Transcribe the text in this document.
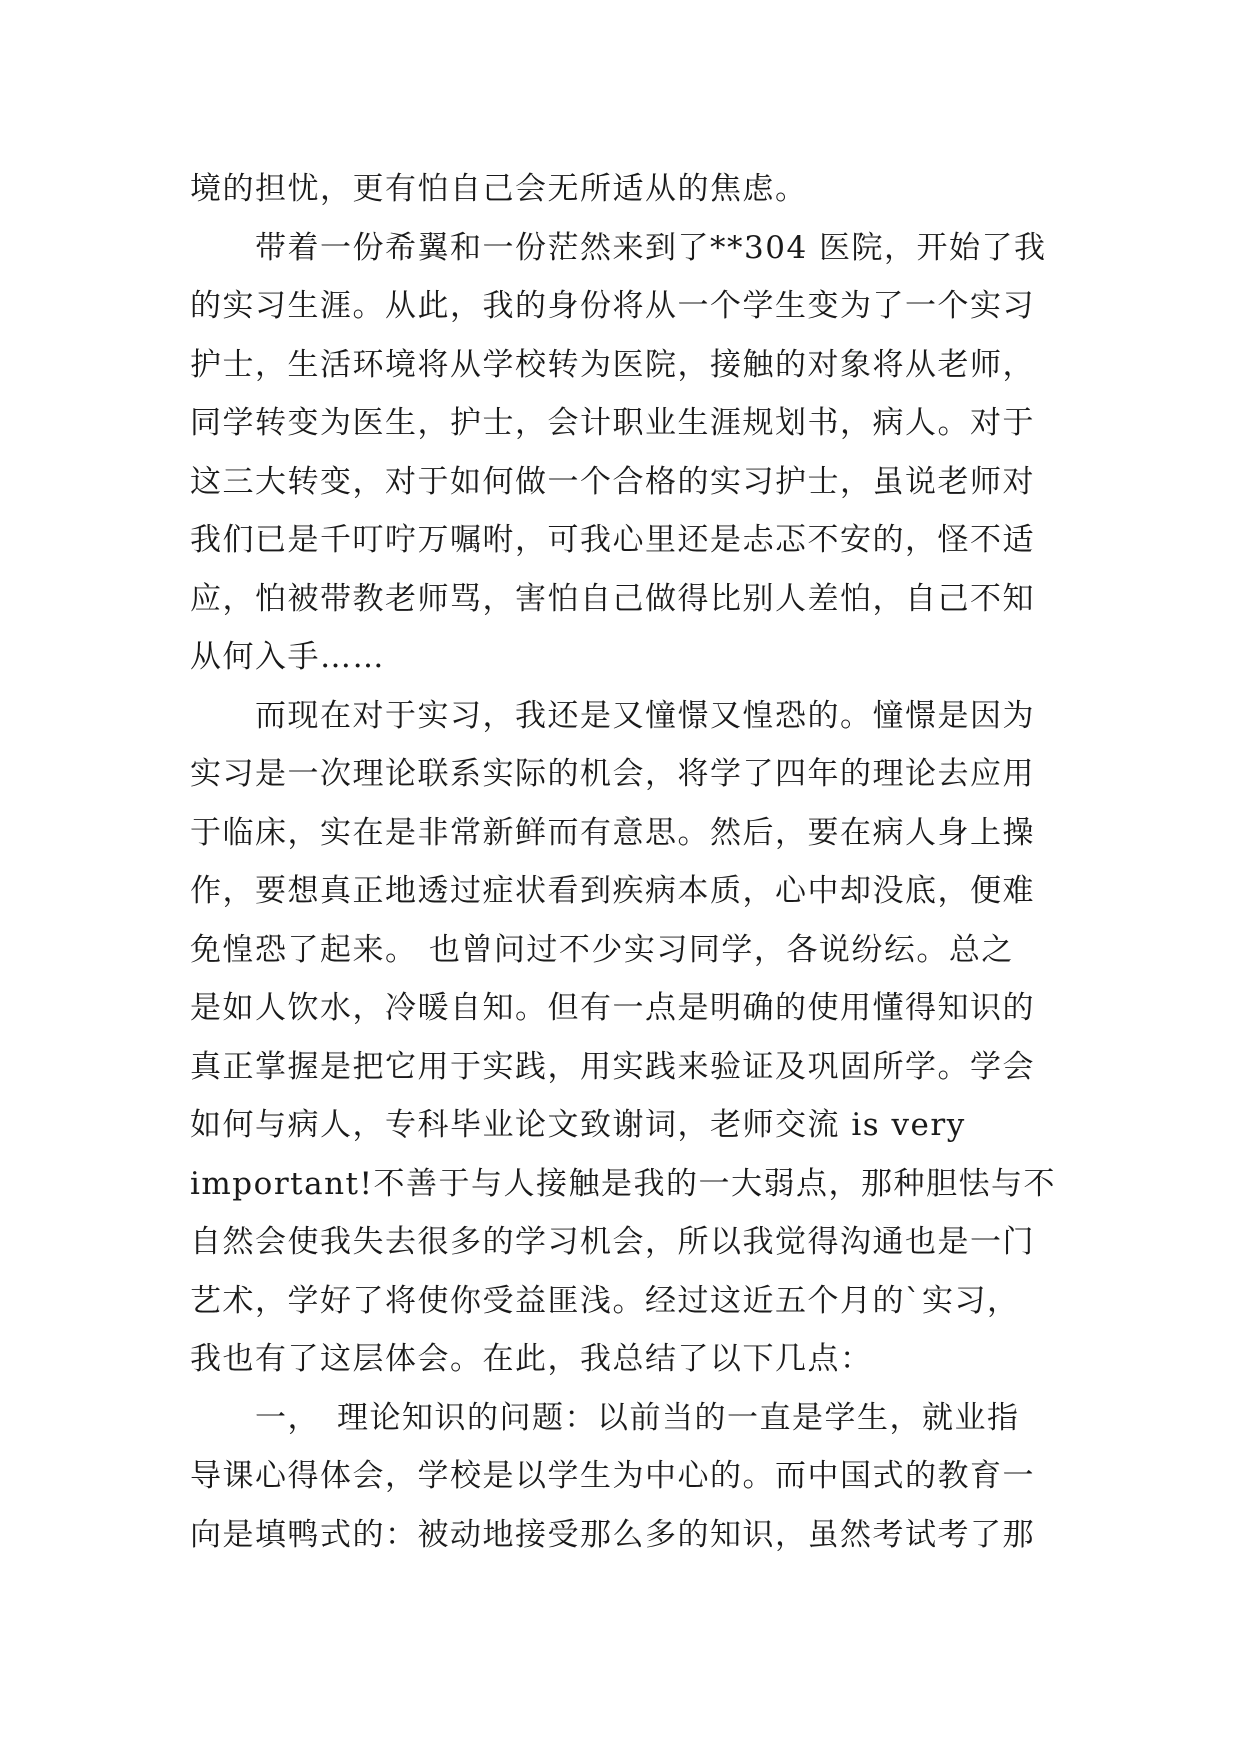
境的担忧，更有怕自己会无所适从的焦虑。
　　带着一份希翼和一份茫然来到了**304 医院，开始了我
的实习生涯。从此，我的身份将从一个学生变为了一个实习
护士，生活环境将从学校转为医院，接触的对象将从老师，
同学转变为医生，护士，会计职业生涯规划书，病人。对于
这三大转变，对于如何做一个合格的实习护士，虽说老师对
我们已是千叮咛万嘱咐，可我心里还是忐忑不安的，怪不适
应，怕被带教老师骂，害怕自己做得比别人差怕，自己不知
从何入手……
　　而现在对于实习，我还是又憧憬又惶恐的。憧憬是因为
实习是一次理论联系实际的机会，将学了四年的理论去应用
于临床，实在是非常新鲜而有意思。然后，要在病人身上操
作，要想真正地透过症状看到疾病本质，心中却没底，便难
免惶恐了起来。 也曾问过不少实习同学，各说纷纭。总之
是如人饮水，冷暖自知。但有一点是明确的使用懂得知识的
真正掌握是把它用于实践，用实践来验证及巩固所学。学会
如何与病人，专科毕业论文致谢词，老师交流 is very
important!不善于与人接触是我的一大弱点，那种胆怯与不
自然会使我失去很多的学习机会，所以我觉得沟通也是一门
艺术，学好了将使你受益匪浅。经过这近五个月的`实习，
我也有了这层体会。在此，我总结了以下几点：
　　一，　理论知识的问题：以前当的一直是学生，就业指
导课心得体会，学校是以学生为中心的。而中国式的教育一
向是填鸭式的：被动地接受那么多的知识，虽然考试考了那
